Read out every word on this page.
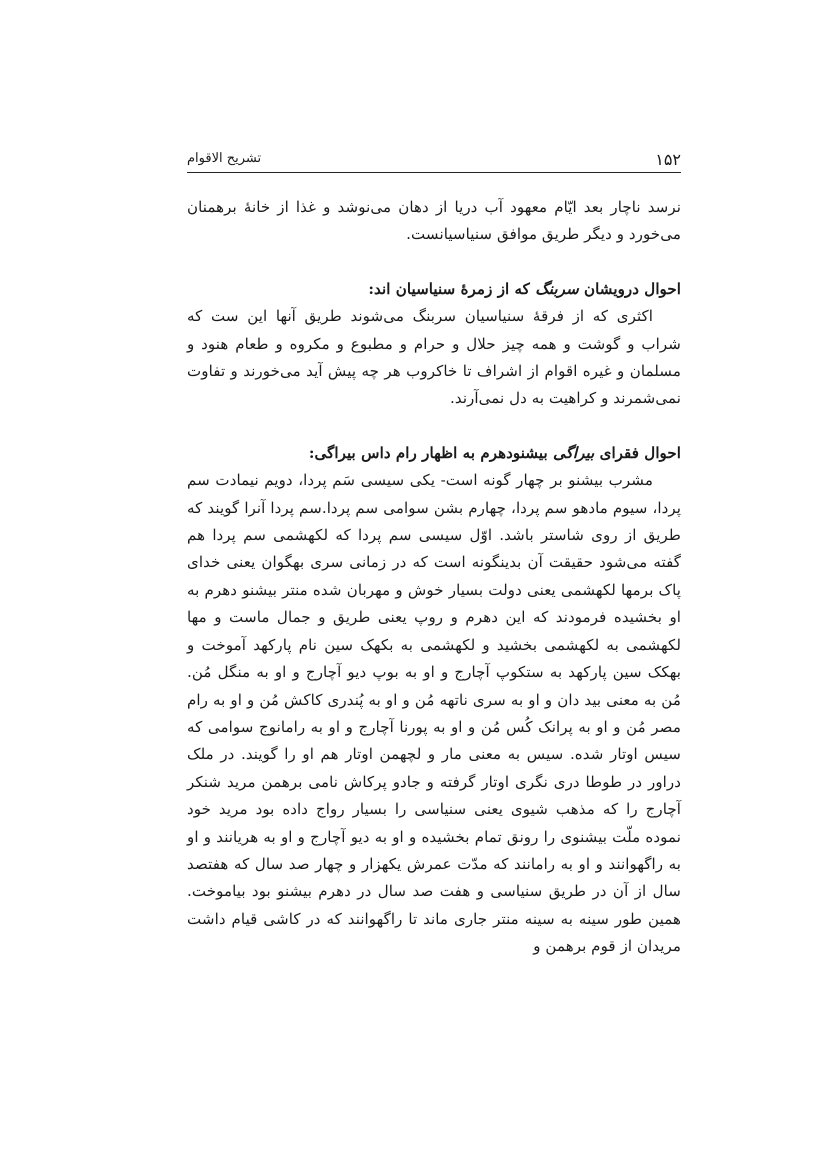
۱۵۲
تشریح الاقوام

نرسد ناچار بعد ایّام معهود آب دریا از دهان می‌نوشد و غذا از خانهٔ برهمنان می‌خورد و دیگر طریق موافق سنیاسیانست.

احوال درویشان سربنگ که از زمرهٔ سنیاسیان اند:

اکثری که از فرقهٔ سنیاسیان سربنگ می‌شوند طریق آنها این ست که شراب و گوشت و همه چیز حلال و حرام و مطبوع و مکروه و طعام هنود و مسلمان و غیره اقوام از اشراف تا خاکروب هر چه پیش آید می‌خورند و تفاوت نمی‌شمرند و کراهیت به دل نمی‌آرند.

احوال فقرای بیراگی بیشنودهرم به اظهار رام داس بیراگی:

مشرب بیشنو بر چهار گونه است- یکی سیسی سَم پردا، دویم نیمادت سم پردا، سیوم مادهو سم پردا، چهارم بشن سوامی سم پردا.سم پردا آنرا گویند که طریق از روی شاستر باشد. اوّل سیسی سم پردا که لکهشمی سم پردا هم گفته می‌شود حقیقت آن بدینگونه است که در زمانی سری بهگوان یعنی خدای پاک برمها لکهشمی یعنی دولت بسیار خوش و مهربان شده منتر بیشنو دهرم به او بخشیده فرمودند که این دهرم و روپ یعنی طریق و جمال ماست و مها لکهشمی به لکهشمی بخشید و لکهشمی به بکهک سین نام پارکهد آموخت و بهکک سین پارکهد به ستکوپ آچارج و او به بوپ دیو آچارج و او به منگل مُن. مُن به معنی بید دان و او به سری ناتهه مُن و او به پُندری کاکش مُن و او به رام مصر مُن و او به پرانک کُس مُن و او به پورنا آچارج و او به رامانوج سوامی که سیس اوتار شده. سیس به معنی مار و لچهمن اوتار هم او را گویند. در ملک دراور در طوطا دری نگری اوتار گرفته و جادو پرکاش نامی برهمن مرید شنکر آچارج را که مذهب شیوی یعنی سنیاسی را بسیار رواج داده بود مرید خود نموده ملّت بیشنوی را رونق تمام بخشیده و او به دیو آچارج و او به هریانند و او به راگهوانند و او به رامانند که مدّت عمرش یکهزار و چهار صد سال که هفتصد سال از آن در طریق سنیاسی و هفت صد سال در دهرم بیشنو بود بیاموخت. همین طور سینه به سینه منتر جاری ماند تا راگهوانند که در کاشی قیام داشت مریدان از قوم برهمن و
